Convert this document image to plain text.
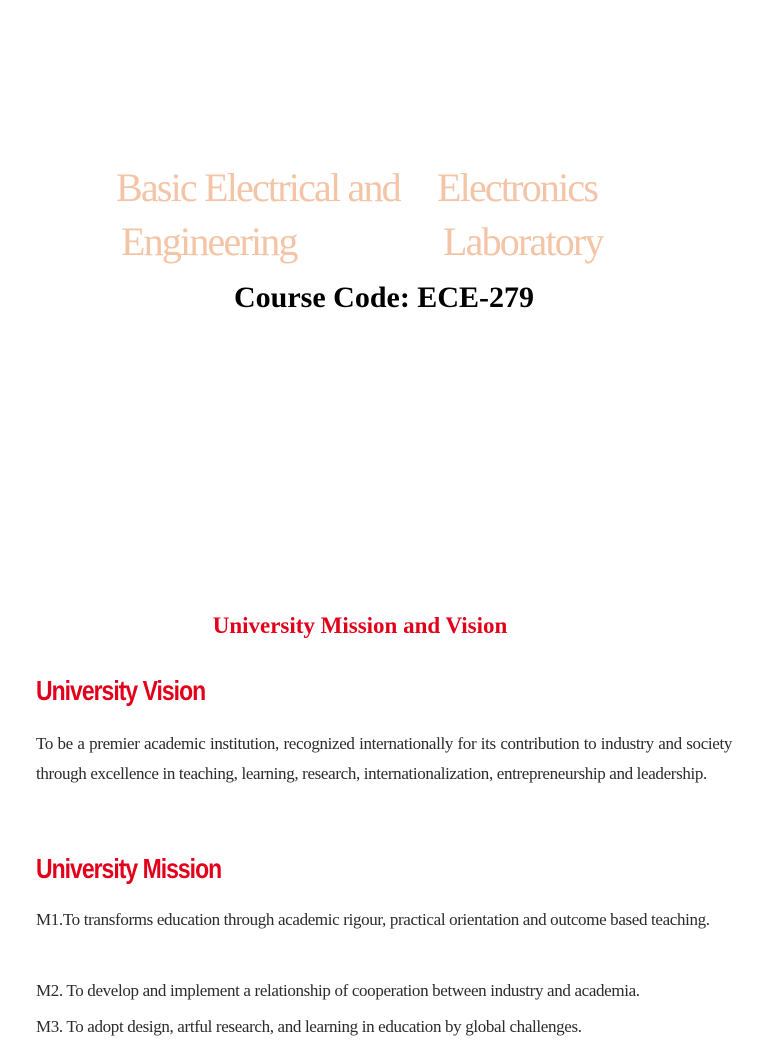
Basic Electrical and Electronics
Engineering	Laboratory

Course Code: ECE-279

University Mission and Vision
University Vision

To be a premier academic institution, recognized internationally for its contribution to industry and society through excellence in teaching, learning, research, internationalization, entrepreneurship and leadership.

University Mission

M1.To transforms education through academic rigour, practical orientation and outcome based teaching.

M2. To develop and implement a relationship of cooperation between industry and academia.

M3. To adopt design, artful research, and learning in education by global challenges.
